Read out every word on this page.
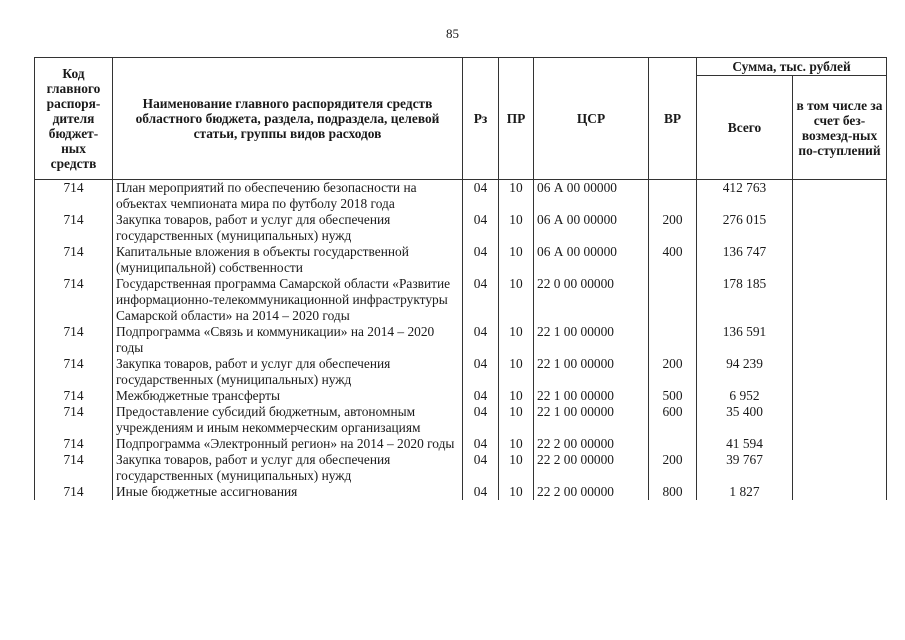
85
Код главного распоря-дителя бюджет-ных средств	Наименование главного распорядителя средств областного бюджета, раздела, подраздела, целевой статьи, группы видов расходов	Рз	ПР	ЦСР	ВР	Сумма, тыс. рублей	
						Всего	в том числе за счет без-возмезд-ных по-ступлений
714	План мероприятий по обеспечению безопасности на объектах чемпионата мира по футболу 2018 года	04	10	06 А 00 00000		412 763	
714	Закупка товаров, работ и услуг для обеспечения государственных (муниципальных) нужд	04	10	06 А 00 00000	200	276 015	
714	Капитальные вложения в объекты государственной (муниципальной) собственности	04	10	06 А 00 00000	400	136 747	
714	Государственная программа Самарской области «Развитие информационно-телекоммуникационной инфраструктуры Самарской области» на 2014 – 2020 годы	04	10	22 0 00 00000		178 185	
714	Подпрограмма «Связь и коммуникации» на 2014 – 2020 годы	04	10	22 1 00 00000		136 591	
714	Закупка товаров, работ и услуг для обеспечения государственных (муниципальных) нужд	04	10	22 1 00 00000	200	94 239	
714	Межбюджетные трансферты	04	10	22 1 00 00000	500	6 952	
714	Предоставление субсидий бюджетным, автономным учреждениям и иным некоммерческим организациям	04	10	22 1 00 00000	600	35 400	
714	Подпрограмма «Электронный регион» на 2014 – 2020 годы	04	10	22 2 00 00000		41 594	
714	Закупка товаров, работ и услуг для обеспечения государственных (муниципальных) нужд	04	10	22 2 00 00000	200	39 767	
714	Иные бюджетные ассигнования	04	10	22 2 00 00000	800	1 827	
